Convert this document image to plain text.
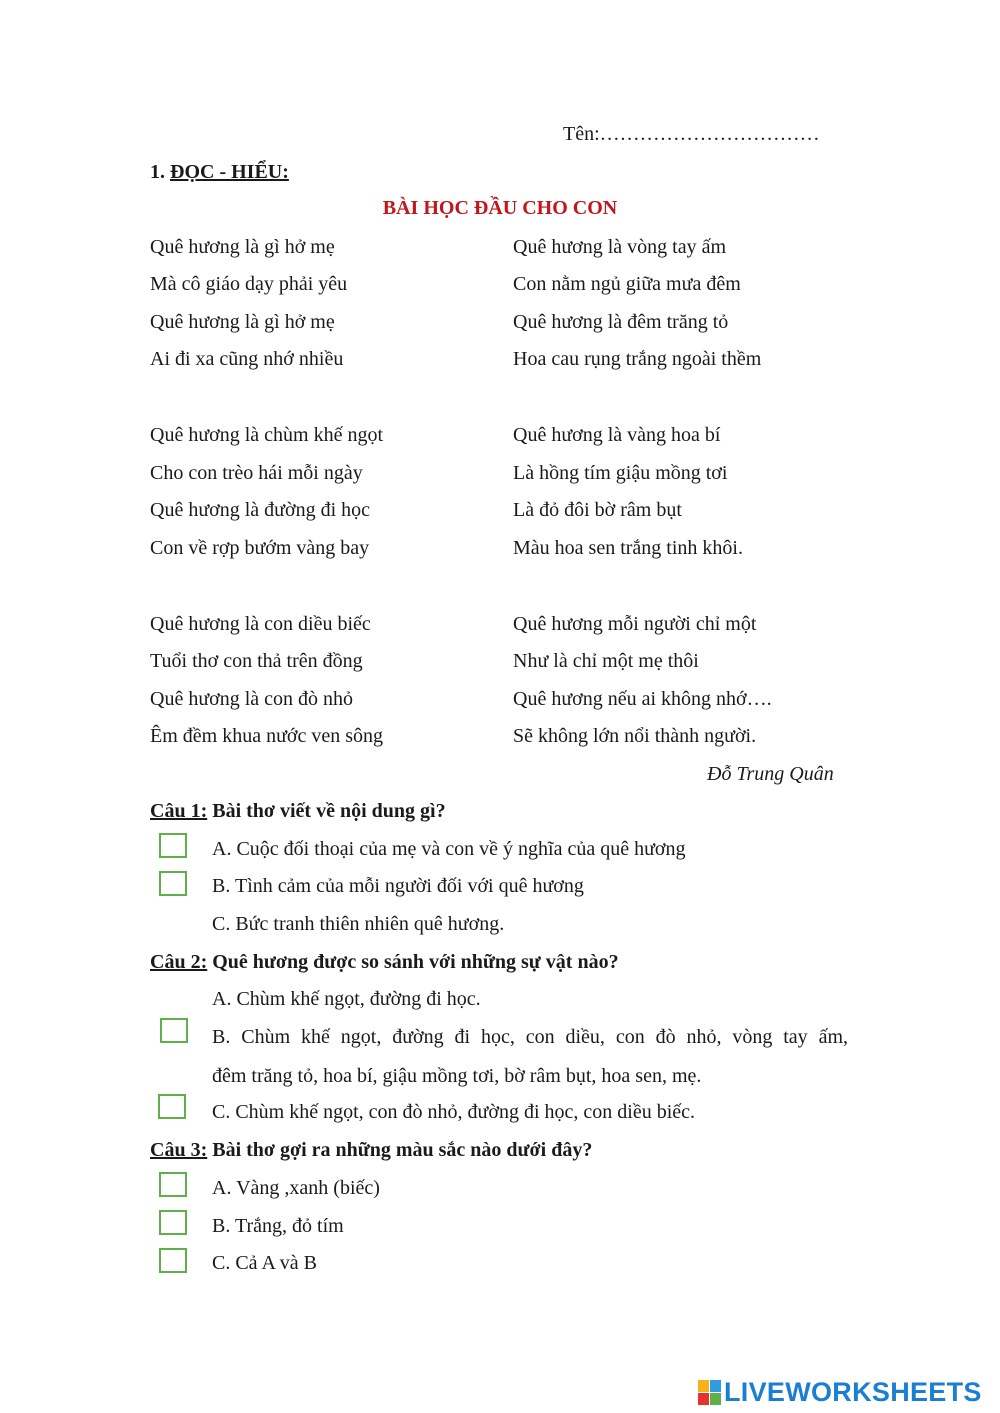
Tên:……………………………
1. ĐỌC - HIỂU:
BÀI HỌC ĐẦU CHO CON
Quê hương là gì hở mẹ
Mà cô giáo dạy phải yêu
Quê hương là gì hở mẹ
Ai đi xa cũng nhớ nhiều
Quê hương là chùm khế ngọt
Cho con trèo hái mỗi ngày
Quê hương là đường đi học
Con về rợp bướm vàng bay
Quê hương là con diều biếc
Tuổi thơ con thả trên đồng
Quê hương là con đò nhỏ
Êm đềm khua nước ven sông
Quê hương là vòng tay ấm
Con nằm ngủ giữa mưa đêm
Quê hương là đêm trăng tỏ
Hoa cau rụng trắng ngoài thềm
Quê hương là vàng hoa bí
Là hồng tím giậu mồng tơi
Là đỏ đôi bờ râm bụt
Màu hoa sen trắng tinh khôi.
Quê hương mỗi người chỉ một
Như là chỉ một mẹ thôi
Quê hương nếu ai không nhớ….
Sẽ không lớn nổi thành người.
Đỗ Trung Quân
Câu 1: Bài thơ viết về nội dung gì?
A. Cuộc đối thoại của mẹ và con về ý nghĩa của quê hương
B. Tình cảm của mỗi người đối với quê hương
C. Bức tranh thiên nhiên quê hương.
Câu 2: Quê hương được so sánh với những sự vật nào?
A. Chùm khế ngọt, đường đi học.
B. Chùm khế ngọt, đường đi học, con diều, con đò nhỏ, vòng tay ấm,
đêm trăng tỏ, hoa bí, giậu mồng tơi, bờ râm bụt, hoa sen, mẹ.
C. Chùm khế ngọt, con đò nhỏ, đường đi học, con diều biếc.
Câu 3: Bài thơ gợi ra những màu sắc nào dưới đây?
A. Vàng ,xanh (biếc)
B. Trắng, đỏ tím
C. Cả A và B
LIVEWORKSHEETS
